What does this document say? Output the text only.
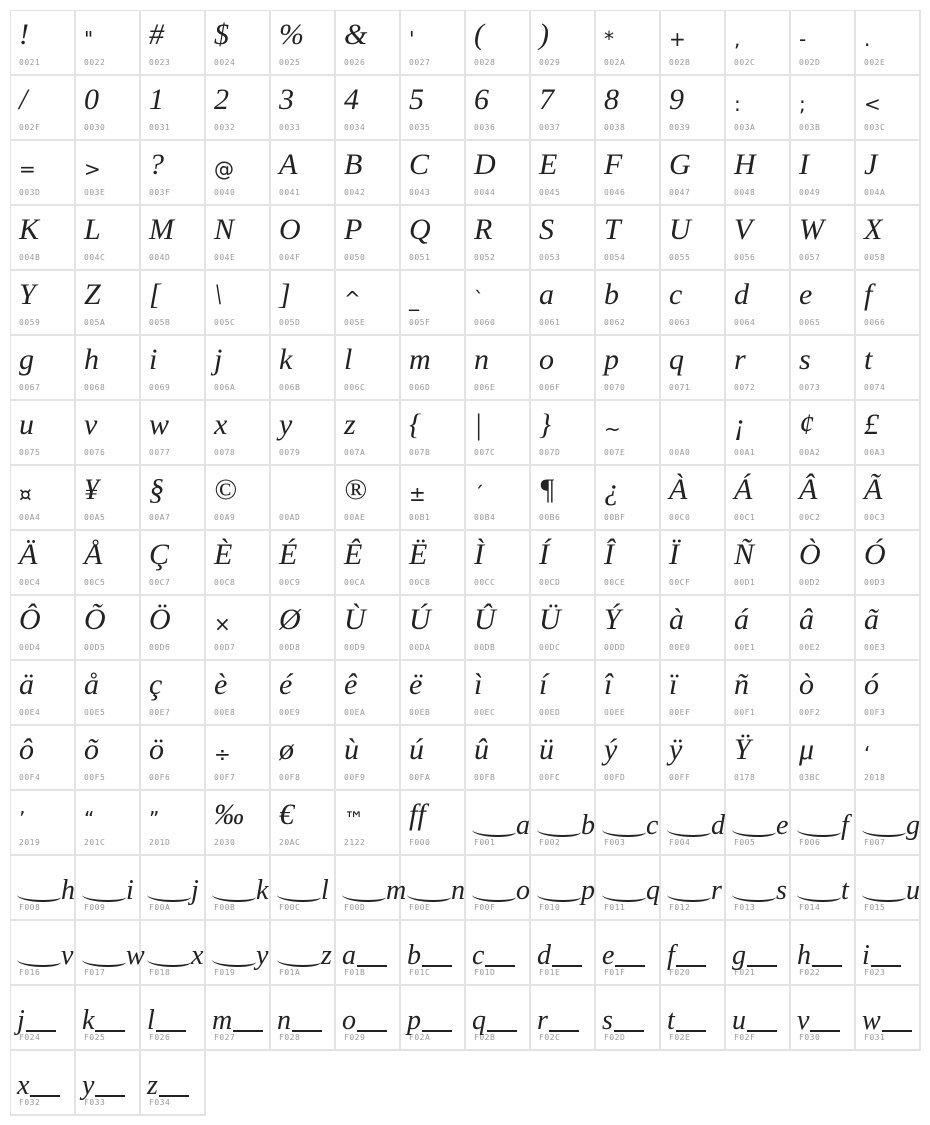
!
0021
"
0022
#
0023
$
0024
%
0025
&
0026
'
0027
(
0028
)
0029
*
002A
+
002B
,
002C
-
002D
.
002E
/
002F
0
0030
1
0031
2
0032
3
0033
4
0034
5
0035
6
0036
7
0037
8
0038
9
0039
:
003A
;
003B
<
003C
=
003D
>
003E
?
003F
@
0040
A
0041
B
0042
C
0043
D
0044
E
0045
F
0046
G
0047
H
0048
I
0049
J
004A
K
004B
L
004C
M
004D
N
004E
O
004F
P
0050
Q
0051
R
0052
S
0053
T
0054
U
0055
V
0056
W
0057
X
0058
Y
0059
Z
005A
[
005B
\
005C
]
005D
^
005E
_
005F
`
0060
a
0061
b
0062
c
0063
d
0064
e
0065
f
0066
g
0067
h
0068
i
0069
j
006A
k
006B
l
006C
m
006D
n
006E
o
006F
p
0070
q
0071
r
0072
s
0073
t
0074
u
0075
v
0076
w
0077
x
0078
y
0079
z
007A
{
007B
|
007C
}
007D
~
007E	00A0
¡
00A1
¢
00A2
£
00A3
¤
00A4
¥
00A5
§
00A7
©
00A9	00AD
®
00AE
±
00B1
´
00B4
¶
00B6
¿
00BF
À
00C0
Á
00C1
Â
00C2
Ã
00C3
Ä
00C4
Å
00C5
Ç
00C7
È
00C8
É
00C9
Ê
00CA
Ë
00CB
Ì
00CC
Í
00CD
Î
00CE
Ï
00CF
Ñ
00D1
Ò
00D2
Ó
00D3
Ô
00D4
Õ
00D5
Ö
00D6
×
00D7
Ø
00D8
Ù
00D9
Ú
00DA
Û
00DB
Ü
00DC
Ý
00DD
à
00E0
á
00E1
â
00E2
ã
00E3
ä
00E4
å
00E5
ç
00E7
è
00E8
é
00E9
ê
00EA
ë
00EB
ì
00EC
í
00ED
î
00EE
ï
00EF
ñ
00F1
ò
00F2
ó
00F3
ô
00F4
õ
00F5
ö
00F6
÷
00F7
ø
00F8
ù
00F9
ú
00FA
û
00FB
ü
00FC
ý
00FD
ÿ
00FF
Ÿ
0178
μ
03BC
‘
2018
’
2019
“
201C
”
201D
‰
2030
€
20AC
™
2122
ff
F000
a
F001
b
F002
c
F003
d
F004
e
F005
f
F006
g
F007
h
F008
i
F009
j
F00A
k
F00B
l
F00C
m
F00D
n
F00E
o
F00F
p
F010
q
F011
r
F012
s
F013
t
F014
u
F015
v
F016
w
F017
x
F018
y
F019
z
F01A
a
F01B
b
F01C
c
F01D
d
F01E
e
F01F
f
F020
g
F021
h
F022
i
F023
j
F024
k
F025
l
F026
m
F027
n
F028
o
F029
p
F02A
q
F02B
r
F02C
s
F02D
t
F02E
u
F02F
v
F030
w
F031
x
F032
y
F033
z
F034
